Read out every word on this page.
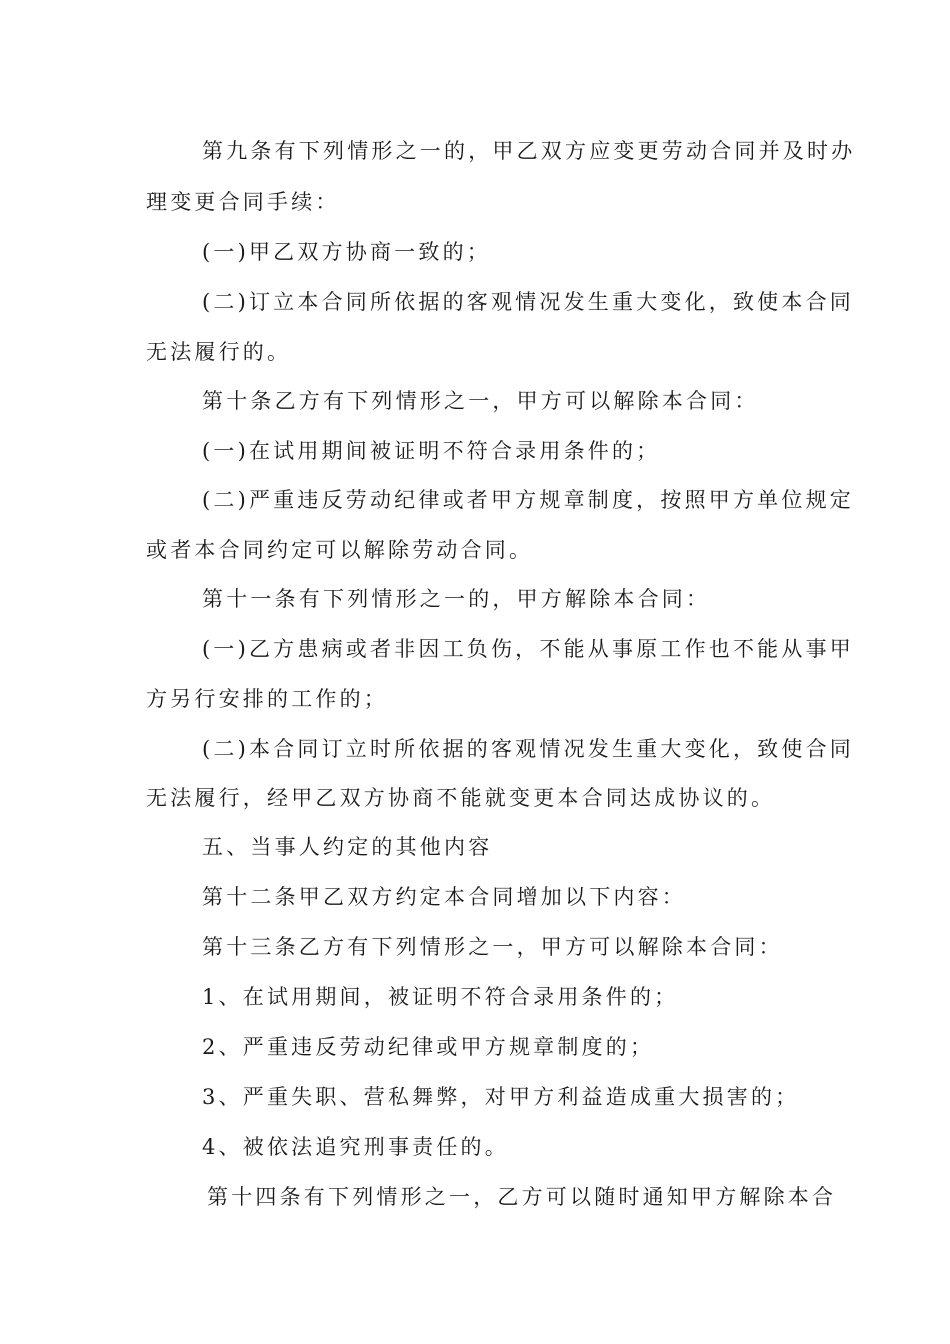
第九条有下列情形之一的，甲乙双方应变更劳动合同并及时办
理变更合同手续：
(一)甲乙双方协商一致的；
(二)订立本合同所依据的客观情况发生重大变化，致使本合同
无法履行的。
第十条乙方有下列情形之一，甲方可以解除本合同：
(一)在试用期间被证明不符合录用条件的；
(二)严重违反劳动纪律或者甲方规章制度，按照甲方单位规定
或者本合同约定可以解除劳动合同。
第十一条有下列情形之一的，甲方解除本合同：
(一)乙方患病或者非因工负伤，不能从事原工作也不能从事甲
方另行安排的工作的；
(二)本合同订立时所依据的客观情况发生重大变化，致使合同
无法履行，经甲乙双方协商不能就变更本合同达成协议的。
五、当事人约定的其他内容
第十二条甲乙双方约定本合同增加以下内容：
第十三条乙方有下列情形之一，甲方可以解除本合同：
1、在试用期间，被证明不符合录用条件的；
2、严重违反劳动纪律或甲方规章制度的；
3、严重失职、营私舞弊，对甲方利益造成重大损害的；
4、被依法追究刑事责任的。
第十四条有下列情形之一，乙方可以随时通知甲方解除本合
